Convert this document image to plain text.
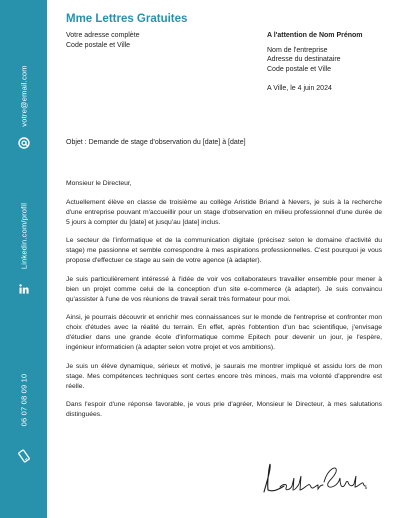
votre@email.com
Linkedin.com/profil
06 07 08 09 10
Mme Lettres Gratuites
Votre adresse complète
Code postale et Ville
A l'attention de Nom Prénom
Nom de l'entreprise
Adresse du destinataire
Code postale et Ville
A Ville, le 4 juin 2024
Objet : Demande de stage d'observation du [date] à [date]

Monsieur le Directeur,

Actuellement élève en classe de troisième au collège Aristide Briand à Nevers, je suis à la recherche d'une entreprise pouvant m'accueillir pour un stage d'observation en milieu professionnel d'une durée de 5 jours à compter du [date] et jusqu'au [date] inclus.

Le secteur de l'informatique et de la communication digitale (précisez selon le domaine d'activité du stage) me passionne et semble correspondre à mes aspirations professionnelles. C'est pourquoi je vous propose d'effectuer ce stage au sein de votre agence (à adapter).

Je suis particulièrement intéressé à l'idée de voir vos collaborateurs travailler ensemble pour mener à bien un projet comme celui de la conception d'un site e-commerce (à adapter). Je suis convaincu qu'assister à l'une de vos réunions de travail serait très formateur pour moi.

Ainsi, je pourrais découvrir et enrichir mes connaissances sur le monde de l'entreprise et confronter mon choix d'études avec la réalité du terrain. En effet, après l'obtention d'un bac scientifique, j'envisage d'étudier dans une grande école d'informatique comme Epitech pour devenir un jour, je l'espère, ingénieur informaticien (à adapter selon votre projet et vos ambitions).

Je suis un élève dynamique, sérieux et motivé, je saurais me montrer impliqué et assidu lors de mon stage. Mes compétences techniques sont certes encore très minces, mais ma volonté d'apprendre est réelle.

Dans l'espoir d'une réponse favorable, je vous prie d'agréer, Monsieur le Directeur, à mes salutations distinguées.
